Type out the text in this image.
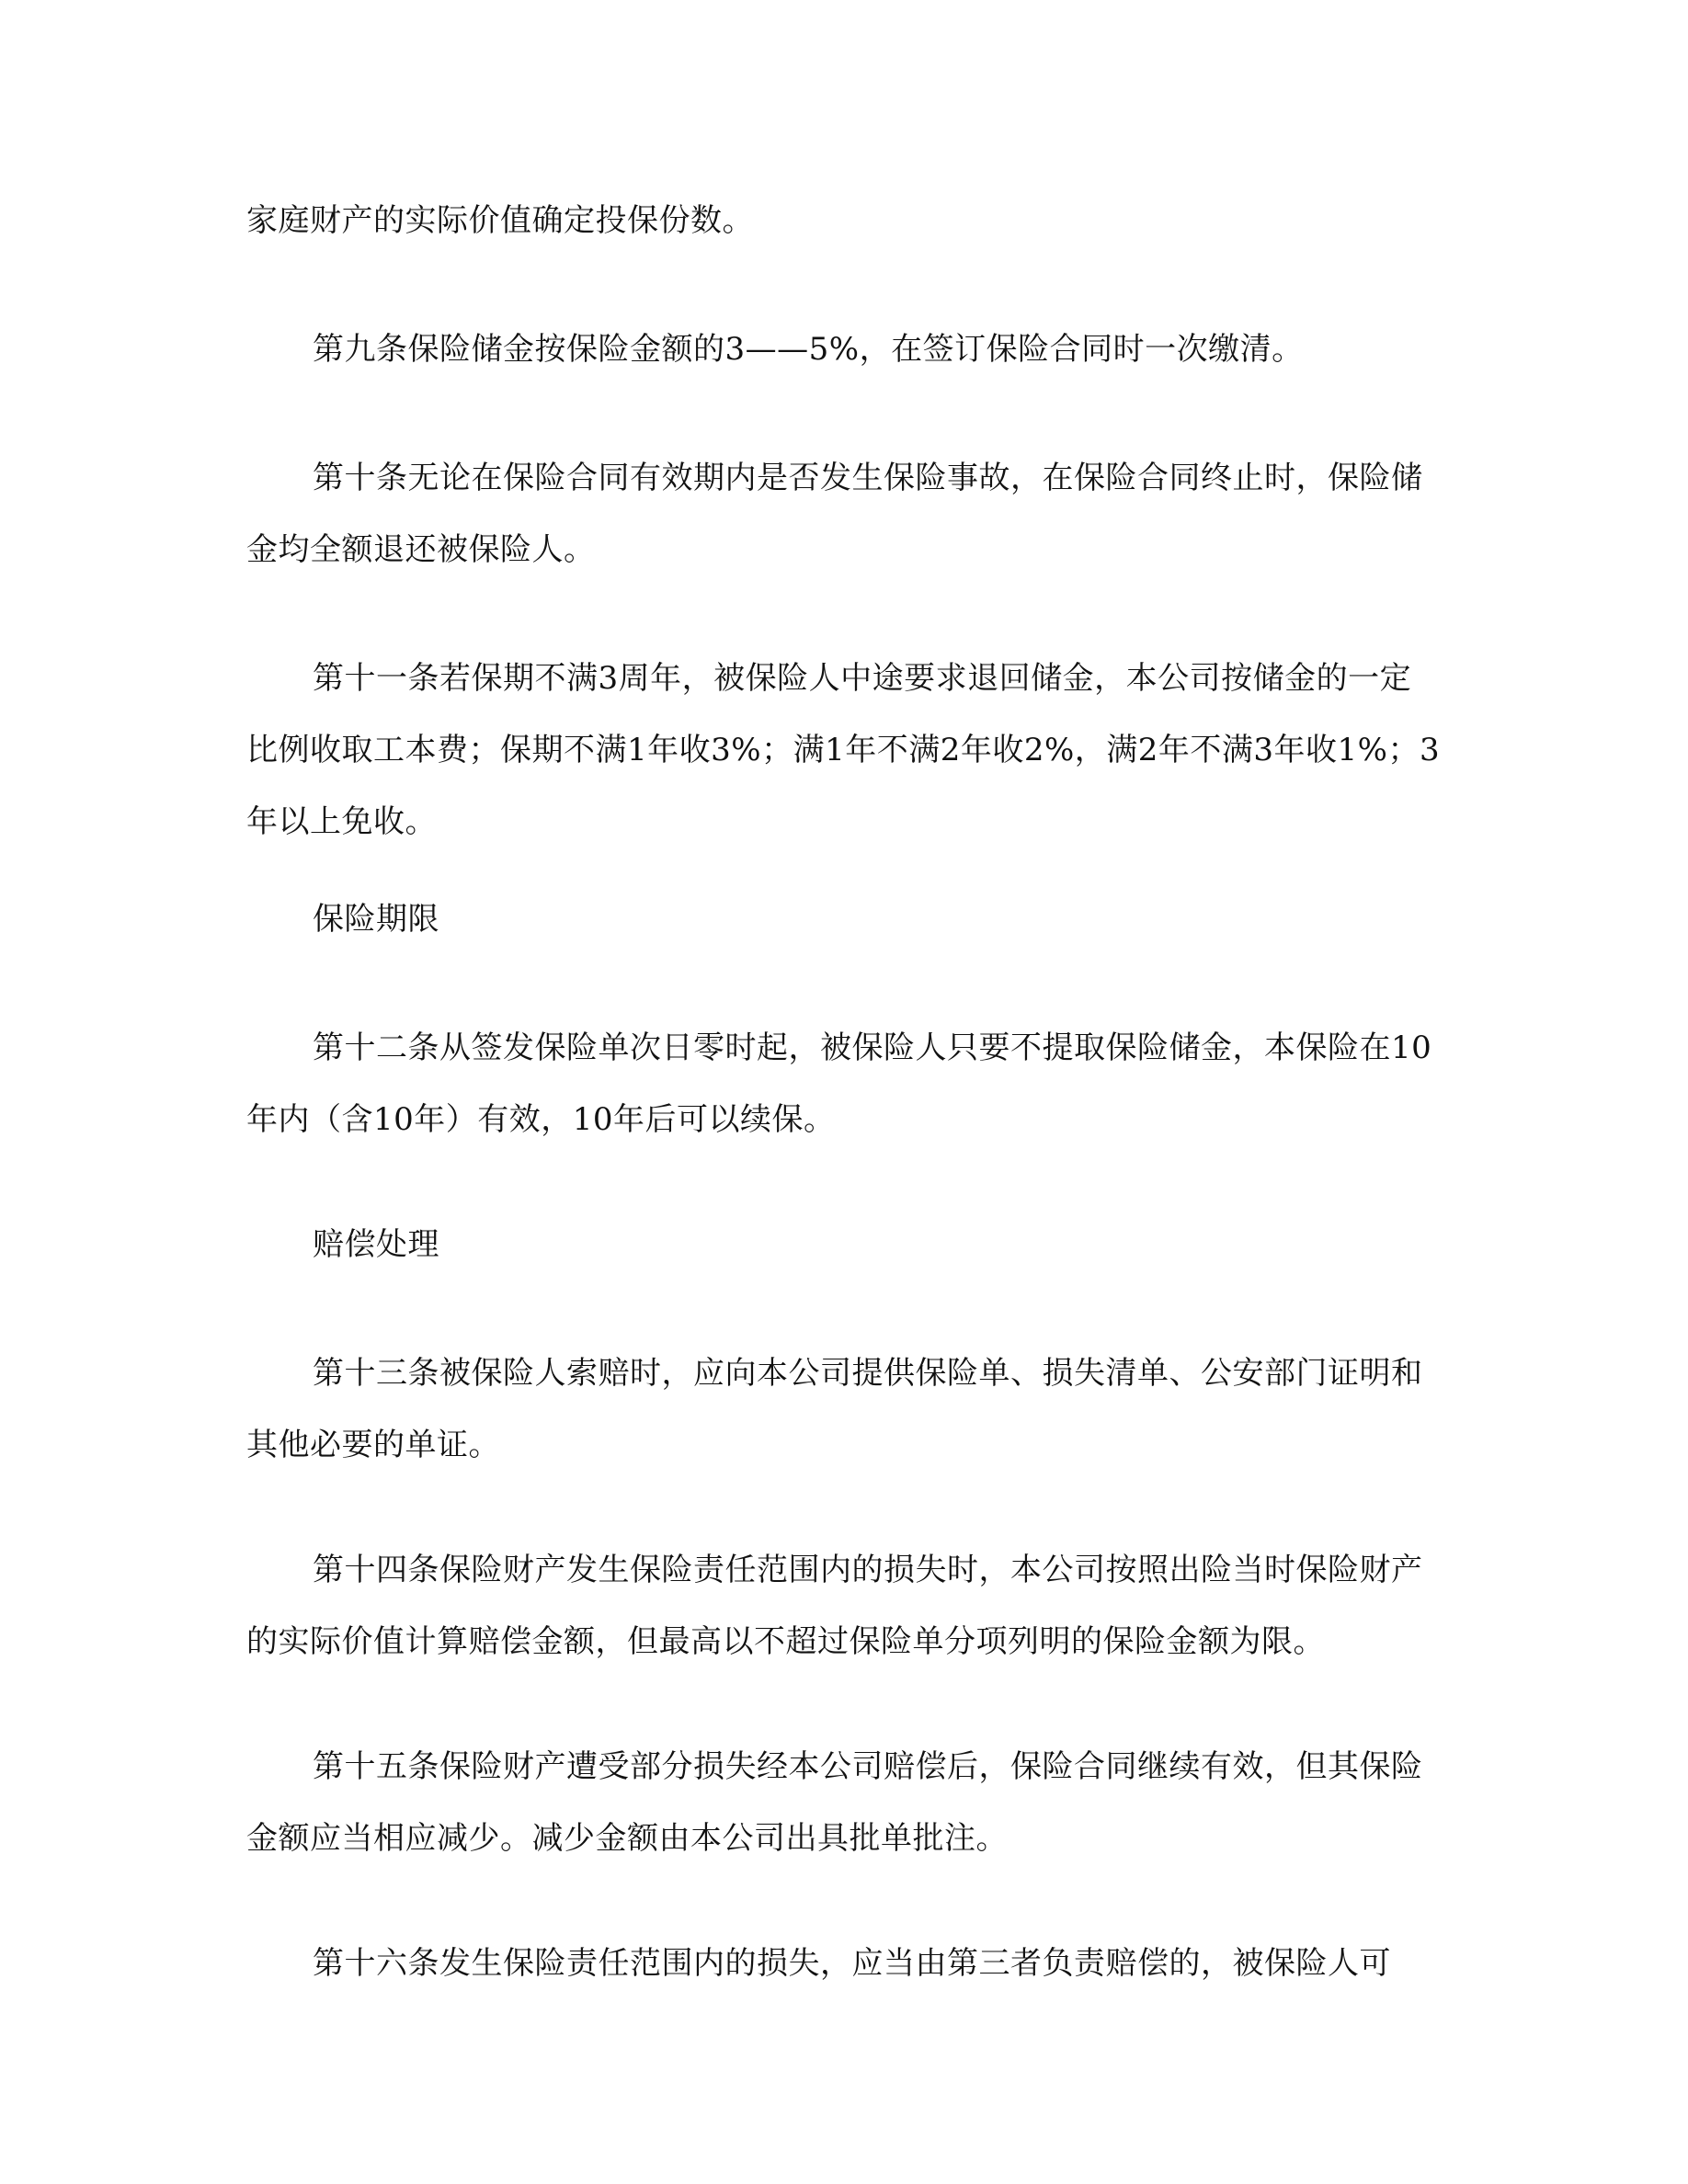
家庭财产的实际价值确定投保份数。

第九条保险储金按保险金额的3——5%，在签订保险合同时一次缴清。

第十条无论在保险合同有效期内是否发生保险事故，在保险合同终止时，保险储金均全额退还被保险人。

第十一条若保期不满3周年，被保险人中途要求退回储金，本公司按储金的一定比例收取工本费；保期不满1年收3%；满1年不满2年收2%，满2年不满3年收1%；3年以上免收。

保险期限

第十二条从签发保险单次日零时起，被保险人只要不提取保险储金，本保险在10年内（含10年）有效，10年后可以续保。

赔偿处理

第十三条被保险人索赔时，应向本公司提供保险单、损失清单、公安部门证明和其他必要的单证。

第十四条保险财产发生保险责任范围内的损失时，本公司按照出险当时保险财产的实际价值计算赔偿金额，但最高以不超过保险单分项列明的保险金额为限。

第十五条保险财产遭受部分损失经本公司赔偿后，保险合同继续有效，但其保险金额应当相应减少。减少金额由本公司出具批单批注。

第十六条发生保险责任范围内的损失，应当由第三者负责赔偿的，被保险人可
